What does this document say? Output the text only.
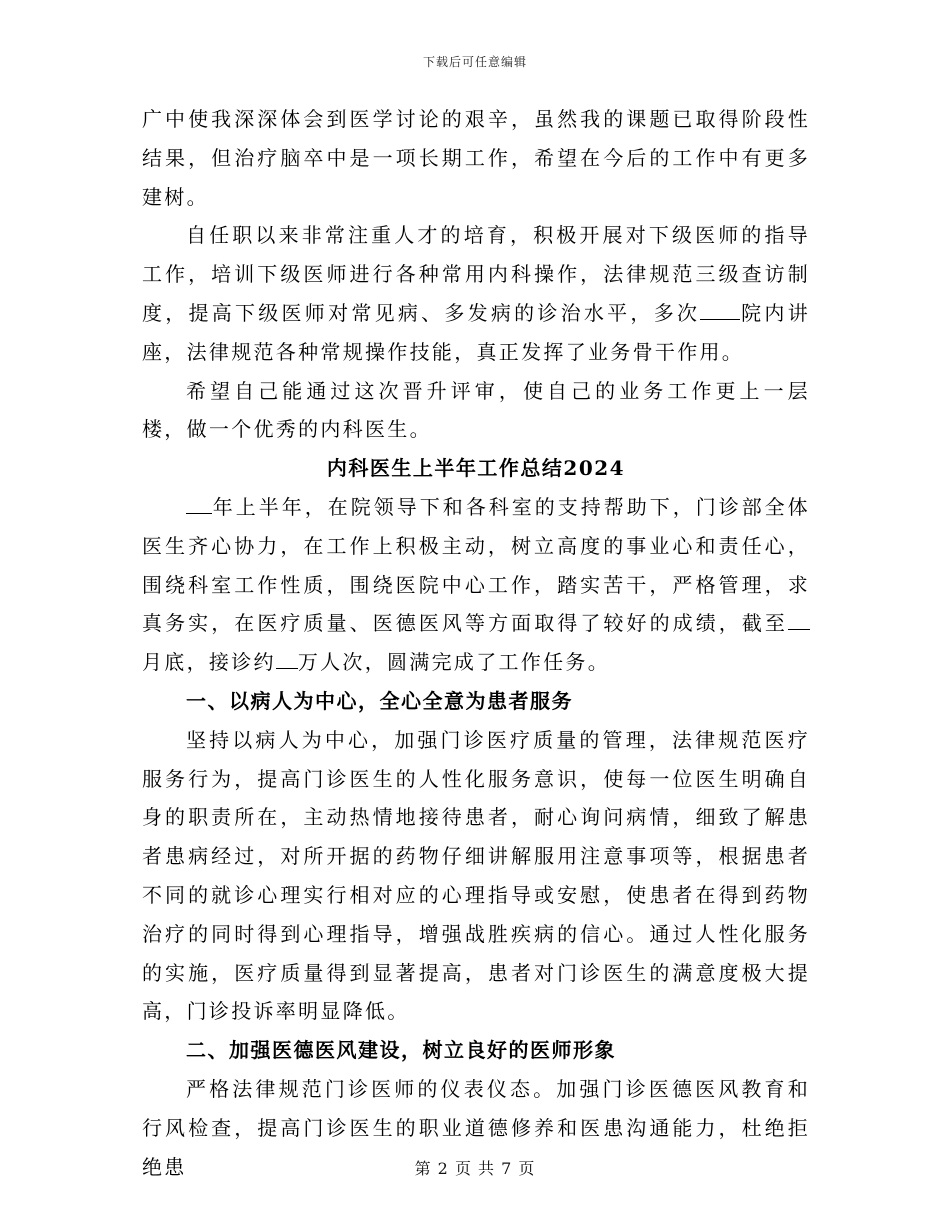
下载后可任意编辑

广中使我深深体会到医学讨论的艰辛，虽然我的课题已取得阶段性结果，但治疗脑卒中是一项长期工作，希望在今后的工作中有更多建树。

自任职以来非常注重人才的培育，积极开展对下级医师的指导工作，培训下级医师进行各种常用内科操作，法律规范三级查访制度，提高下级医师对常见病、多发病的诊治水平，多次 院内讲座，法律规范各种常规操作技能，真正发挥了业务骨干作用。

希望自己能通过这次晋升评审，使自己的业务工作更上一层楼，做一个优秀的内科医生。

内科医生上半年工作总结2024

年上半年，在院领导下和各科室的支持帮助下，门诊部全体医生齐心协力，在工作上积极主动，树立高度的事业心和责任心，围绕科室工作性质，围绕医院中心工作，踏实苦干，严格管理，求真务实，在医疗质量、医德医风等方面取得了较好的成绩，截至月底，接诊约 万人次，圆满完成了工作任务。

一、以病人为中心，全心全意为患者服务

坚持以病人为中心，加强门诊医疗质量的管理，法律规范医疗服务行为，提高门诊医生的人性化服务意识，使每一位医生明确自身的职责所在，主动热情地接待患者，耐心询问病情，细致了解患者患病经过，对所开据的药物仔细讲解服用注意事项等，根据患者不同的就诊心理实行相对应的心理指导或安慰，使患者在得到药物治疗的同时得到心理指导，增强战胜疾病的信心。通过人性化服务的实施，医疗质量得到显著提高，患者对门诊医生的满意度极大提高，门诊投诉率明显降低。

二、加强医德医风建设，树立良好的医师形象

严格法律规范门诊医师的仪表仪态。加强门诊医德医风教育和行风检查，提高门诊医生的职业道德修养和医患沟通能力，杜绝拒绝患	第 2 页 共 7 页
